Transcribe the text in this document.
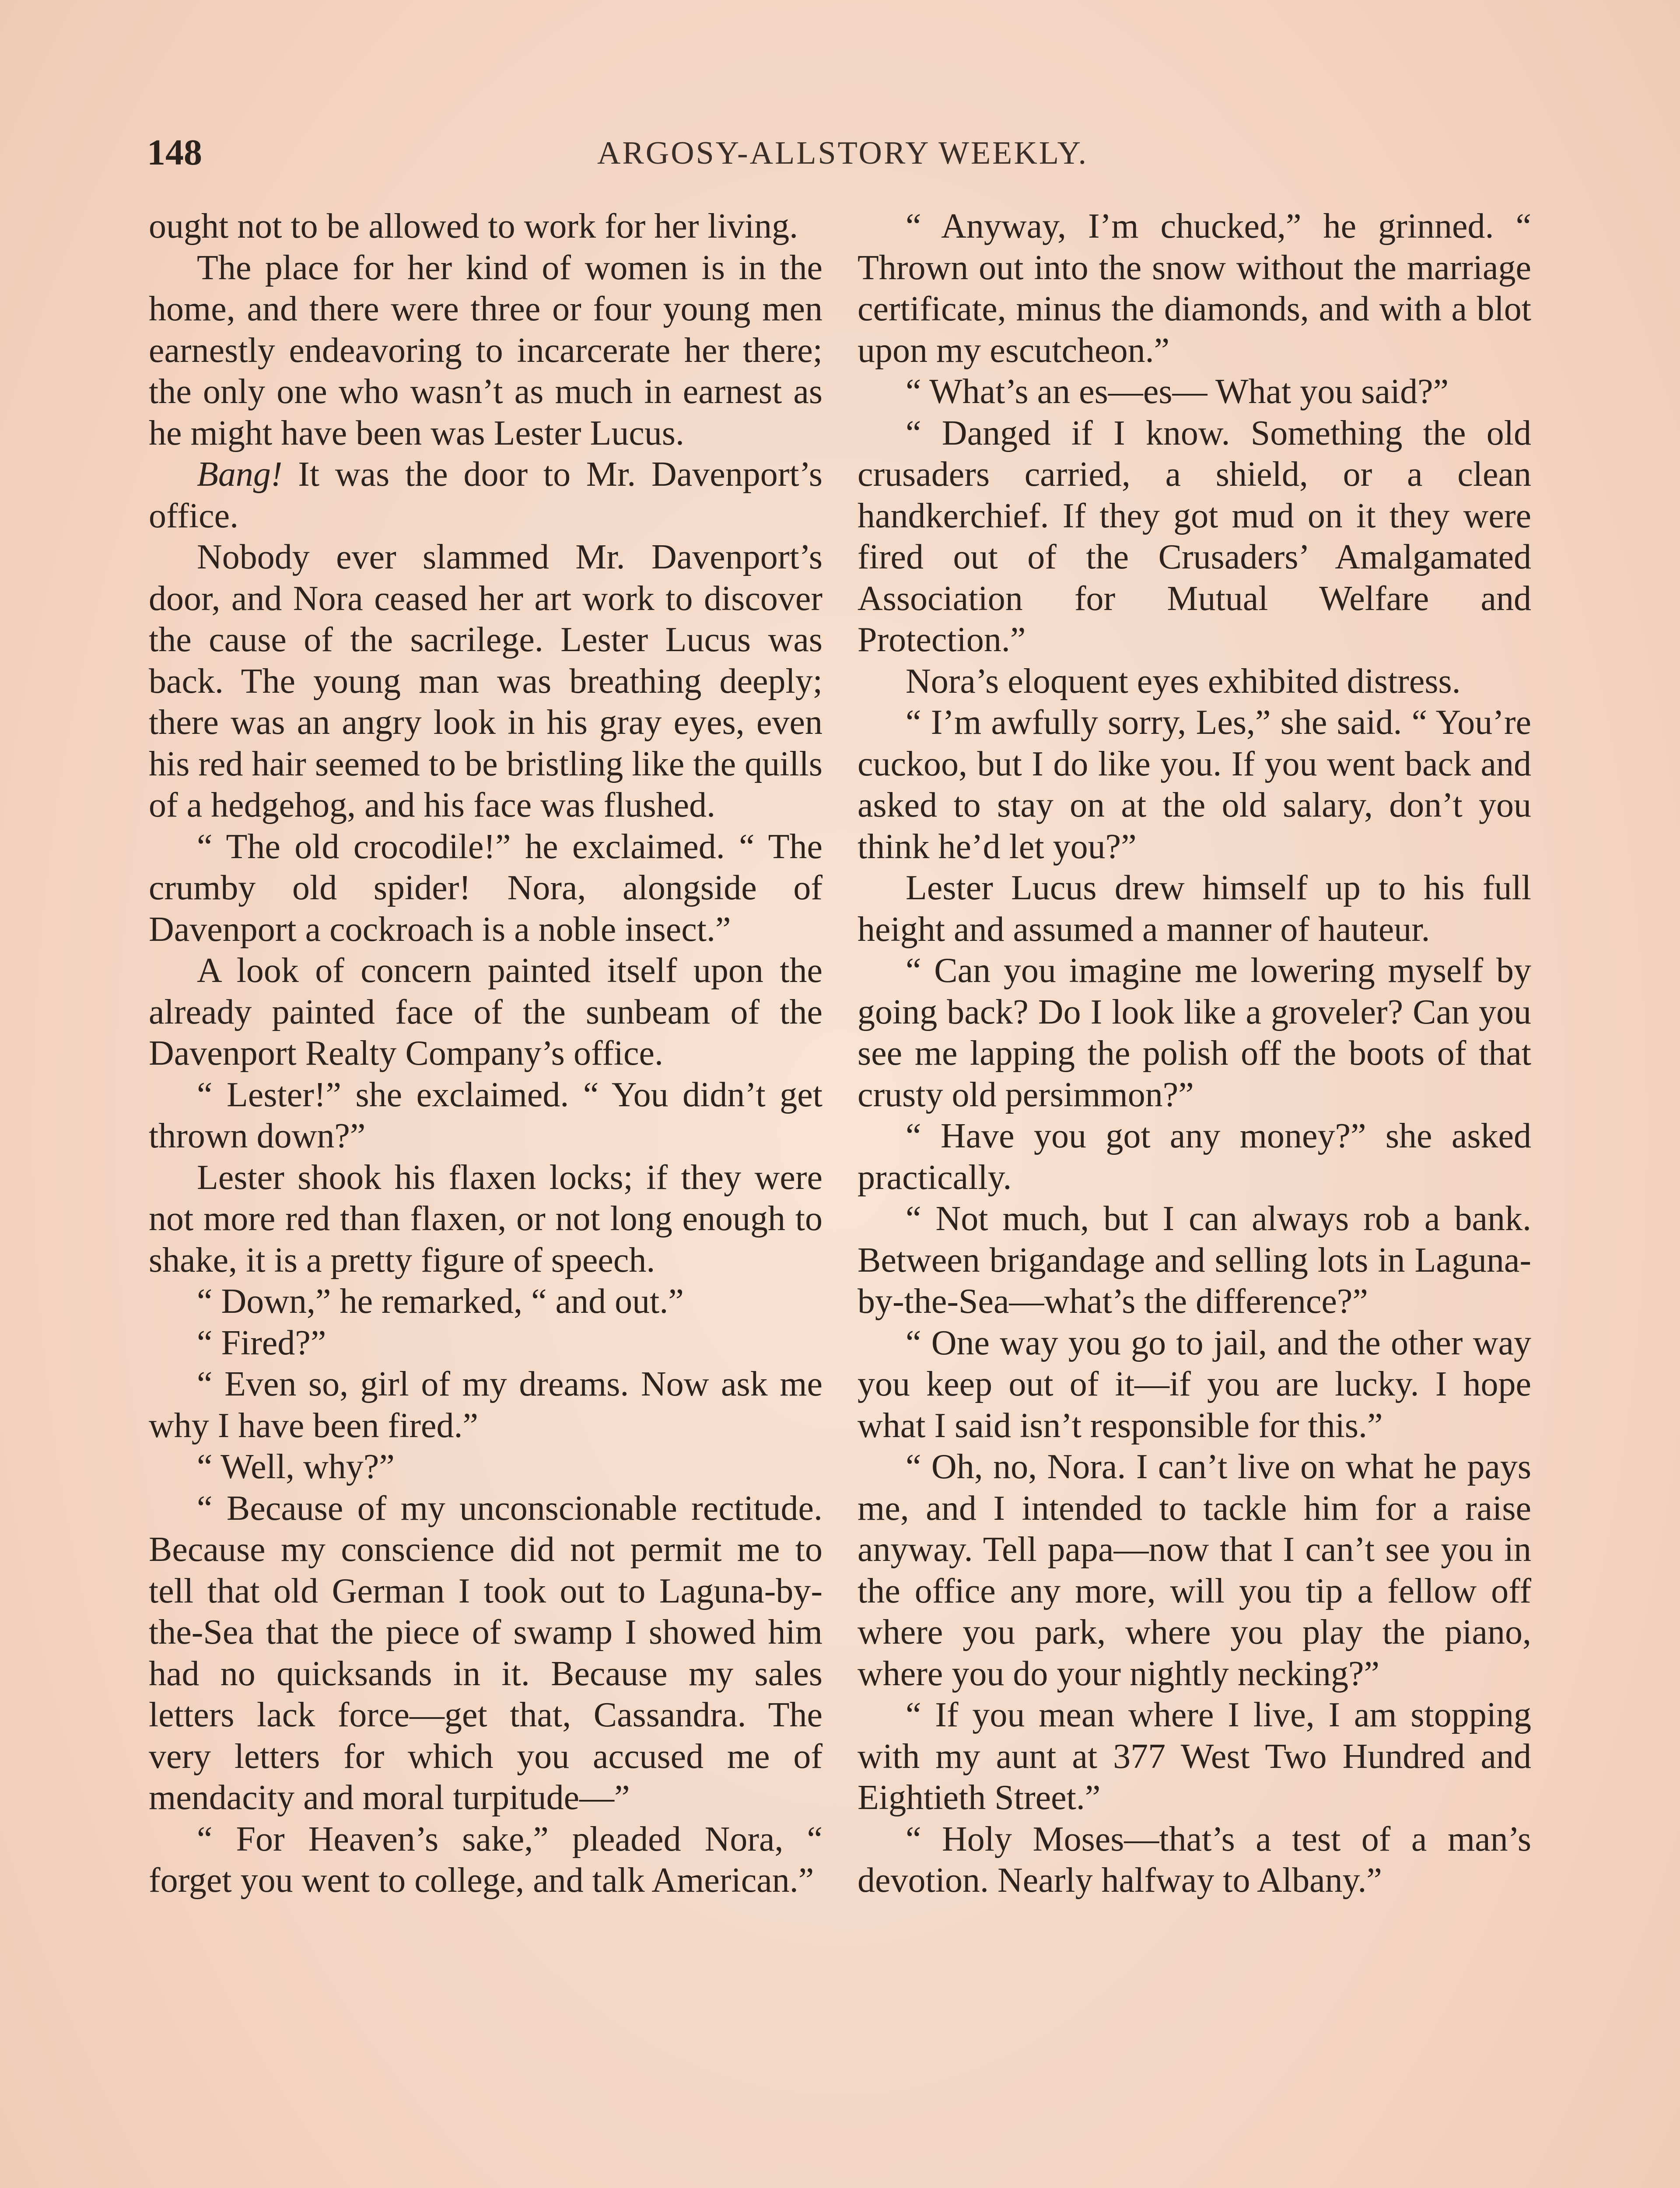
148	ARGOSY-ALLSTORY WEEKLY.

ought not to be allowed to work for her living.

The place for her kind of women is in the home, and there were three or four young men earnestly endeavoring to incarcerate her there; the only one who wasn’t as much in earnest as he might have been was Lester Lucus.

Bang! It was the door to Mr. Davenport’s office.

Nobody ever slammed Mr. Davenport’s door, and Nora ceased her art work to discover the cause of the sacrilege. Lester Lucus was back. The young man was breathing deeply; there was an angry look in his gray eyes, even his red hair seemed to be bristling like the quills of a hedgehog, and his face was flushed.

“ The old crocodile!” he exclaimed. “ The crumby old spider! Nora, alongside of Davenport a cockroach is a noble insect.”

A look of concern painted itself upon the already painted face of the sunbeam of the Davenport Realty Company’s office.

“ Lester!” she exclaimed. “ You didn’t get thrown down?”

Lester shook his flaxen locks; if they were not more red than flaxen, or not long enough to shake, it is a pretty figure of speech.

“ Down,” he remarked, “ and out.”

“ Fired?”

“ Even so, girl of my dreams. Now ask me why I have been fired.”

“ Well, why?”

“ Because of my unconscionable rectitude. Because my conscience did not permit me to tell that old German I took out to Laguna-by-the-Sea that the piece of swamp I showed him had no quicksands in it. Because my sales letters lack force—get that, Cassandra. The very letters for which you accused me of mendacity and moral turpitude—”

“ For Heaven’s sake,” pleaded Nora, “ forget you went to college, and talk American.”

“ Anyway, I’m chucked,” he grinned. “ Thrown out into the snow without the marriage certificate, minus the diamonds, and with a blot upon my escutcheon.”

“ What’s an es—es— What you said?”

“ Danged if I know. Something the old crusaders carried, a shield, or a clean handkerchief. If they got mud on it they were fired out of the Crusaders’ Amalgamated Association for Mutual Welfare and Protection.”

Nora’s eloquent eyes exhibited distress.

“ I’m awfully sorry, Les,” she said. “ You’re cuckoo, but I do like you. If you went back and asked to stay on at the old salary, don’t you think he’d let you?”

Lester Lucus drew himself up to his full height and assumed a manner of hauteur.

“ Can you imagine me lowering myself by going back? Do I look like a groveler? Can you see me lapping the polish off the boots of that crusty old persimmon?”

“ Have you got any money?” she asked practically.

“ Not much, but I can always rob a bank. Between brigandage and selling lots in Laguna-by-the-Sea—what’s the difference?”

“ One way you go to jail, and the other way you keep out of it—if you are lucky. I hope what I said isn’t responsible for this.”

“ Oh, no, Nora. I can’t live on what he pays me, and I intended to tackle him for a raise anyway. Tell papa—now that I can’t see you in the office any more, will you tip a fellow off where you park, where you play the piano, where you do your nightly necking?”

“ If you mean where I live, I am stopping with my aunt at 377 West Two Hundred and Eightieth Street.”

“ Holy Moses—that’s a test of a man’s devotion. Nearly halfway to Albany.”
